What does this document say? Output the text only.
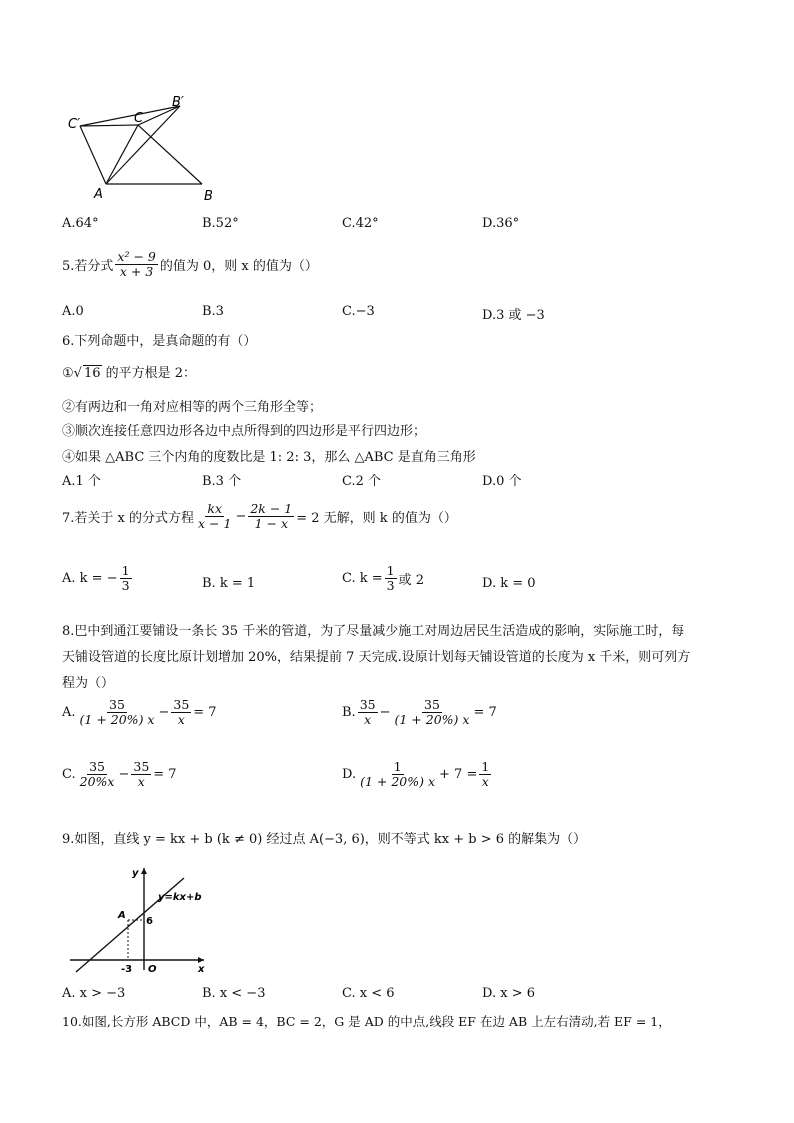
B′
C′	C
A	B
A.64°	B.52°	C.42°	D.36°
5.若分式 $\frac{\text{x² − 9}}{x + 3}$ 的值为 0，则 x 的值为（）
A.0	B.3	C.−3	D.3 或 −3
6.下列命题中，是真命题的有（）
①√ 16 的平方根是 2：
②有两边和一角对应相等的两个三角形全等；
③顺次连接任意四边形各边中点所得到的四边形是平行四边形；
④如果 △ABC 三个内角的度数比是 1: 2: 3，那么 △ABC 是直角三角形
A.1 个	B.3 个	C.2 个	D.0 个
7.若关于 x 的分式方程 $\frac{kx}{x - 1} - \frac{2k - 1}{1 - x} = 2$ 无解，则 k 的值为（）
A. k = − $\frac{1}{3}$	B. k = 1	C. $k = \frac{1}{3}$ 或 2	D. k = 0
8.巴中到通江要铺设一条长 35 千米的管道，为了尽量减少施工对周边居民生活造成的影响，实际施工时，每
天铺设管道的长度比原计划增加 20%，结果提前 7 天完成.设原计划每天铺设管道的长度为 x 千米，则可列方
程为（）
A. $\frac{35}{(1 + 20\%) x} - \frac{35}{x} = 7$	B. $\frac{35}{x} - \frac{35}{(1 + 20\%) x} = 7$
C. $\frac{35}{20\%x} - \frac{35}{x} = 7$	D. $\frac{1}{(1 + 20\%) x} + 7 = \frac{1}{x}$
9.如图，直线 y = kx + b (k ≠ 0) 经过点 A(−3, 6)，则不等式 kx + b > 6 的解集为（）
y
y=kx+b
A
6
-3 O	x
A. x > −3	B. x < −3	C. x < 6	D. x > 6
10.如图,长方形 ABCD 中，AB = 4，BC = 2，G 是 AD 的中点,线段 EF 在边 AB 上左右清动,若 EF = 1，
